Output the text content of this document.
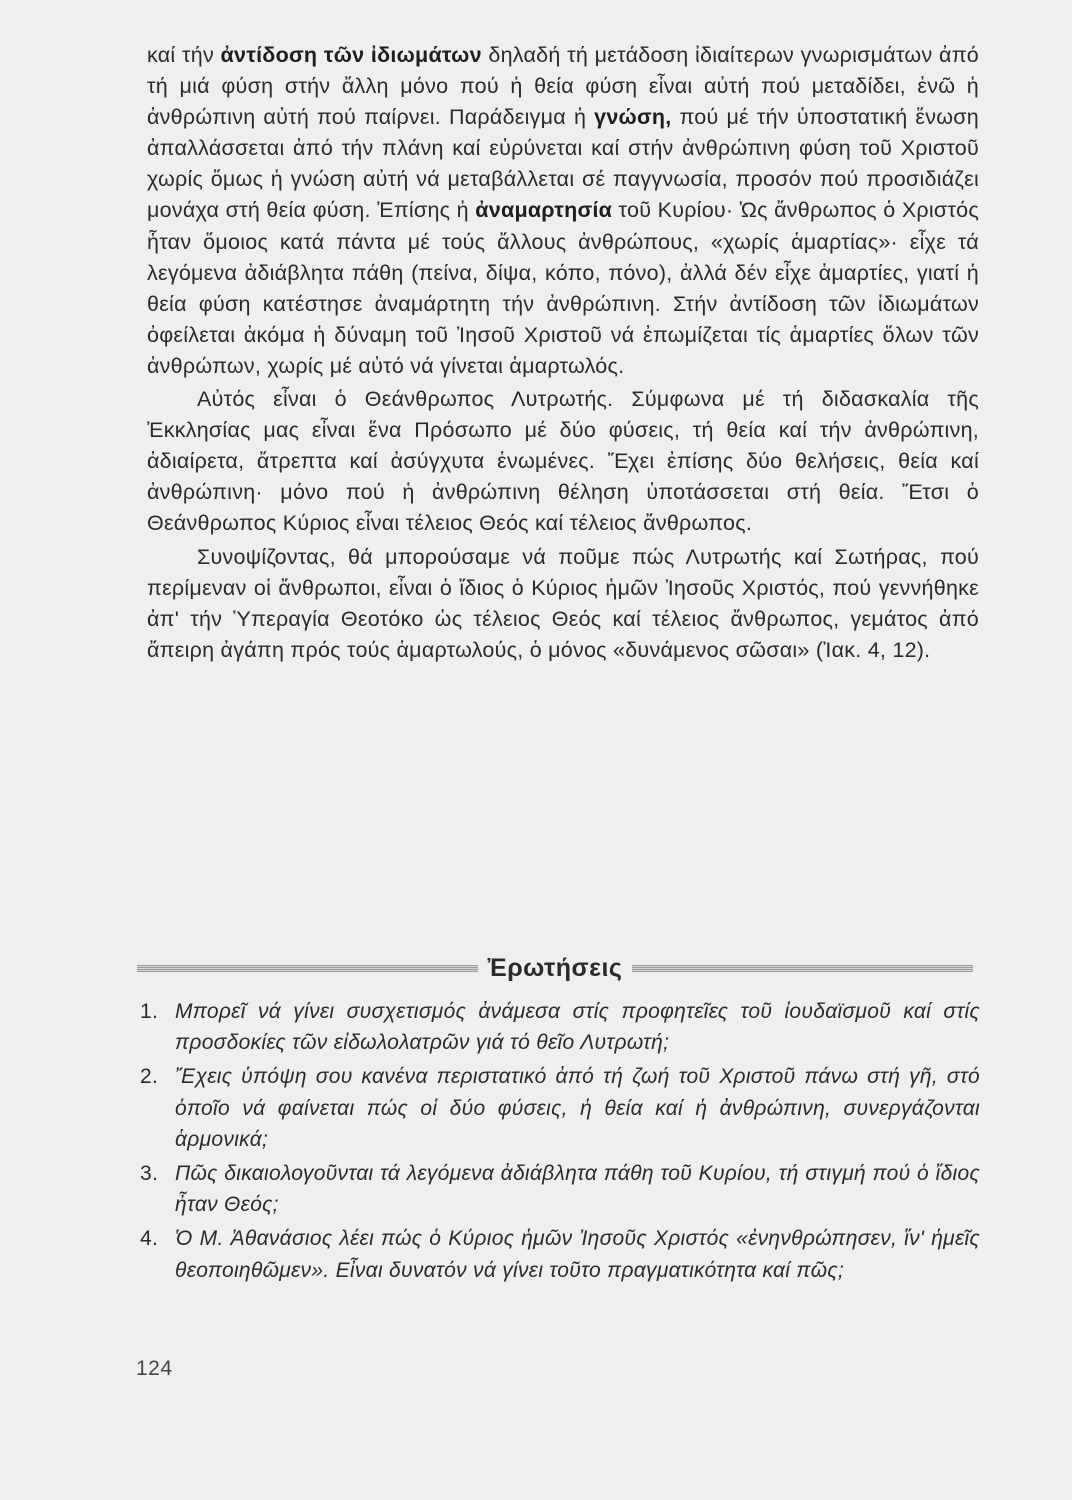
καί τήν ἀντίδοση τῶν ἰδιωμάτων δηλαδή τή μετάδοση ἰδιαίτερων γνωρισμάτων ἀπό τή μιά φύση στήν ἄλλη μόνο πού ἡ θεία φύση εἶναι αὐτή πού μεταδίδει, ἐνῶ ἡ ἀνθρώπινη αὐτή πού παίρνει. Παράδειγμα ἡ γνώση, πού μέ τήν ὑποστατική ἕνωση ἀπαλλάσσεται ἀπό τήν πλάνη καί εὐρύνεται καί στήν ἀνθρώπινη φύση τοῦ Χριστοῦ χωρίς ὅμως ἡ γνώση αὐτή νά μεταβάλλεται σέ παγγνωσία, προσόν πού προσιδιάζει μονάχα στή θεία φύση. Ἐπίσης ἡ ἀναμαρτησία τοῦ Κυρίου· Ὡς ἄνθρωπος ὁ Χριστός ἦταν ὅμοιος κατά πάντα μέ τούς ἄλλους ἀνθρώπους, «χωρίς ἁμαρτίας»· εἶχε τά λεγόμενα ἀδιάβλητα πάθη (πείνα, δίψα, κόπο, πόνο), ἀλλά δέν εἶχε ἁμαρτίες, γιατί ἡ θεία φύση κατέστησε ἀναμάρτητη τήν ἀνθρώπινη. Στήν ἀντίδοση τῶν ἰδιωμάτων ὀφείλεται ἀκόμα ἡ δύναμη τοῦ Ἰησοῦ Χριστοῦ νά ἐπωμίζεται τίς ἁμαρτίες ὅλων τῶν ἀνθρώπων, χωρίς μέ αὐτό νά γίνεται ἁμαρτωλός.

Αὐτός εἶναι ὁ Θεάνθρωπος Λυτρωτής. Σύμφωνα μέ τή διδασκαλία τῆς Ἐκκλησίας μας εἶναι ἕνα Πρόσωπο μέ δύο φύσεις, τή θεία καί τήν ἀνθρώπινη, ἀδιαίρετα, ἄτρεπτα καί ἀσύγχυτα ἑνωμένες. Ἔχει ἐπίσης δύο θελήσεις, θεία καί ἀνθρώπινη· μόνο πού ἡ ἀνθρώπινη θέληση ὑποτάσσεται στή θεία. Ἔτσι ὁ Θεάνθρωπος Κύριος εἶναι τέλειος Θεός καί τέλειος ἄνθρωπος.

Συνοψίζοντας, θά μπορούσαμε νά ποῦμε πώς Λυτρωτής καί Σωτήρας, πού περίμεναν οἱ ἄνθρωποι, εἶναι ὁ ἴδιος ὁ Κύριος ἡμῶν Ἰησοῦς Χριστός, πού γεννήθηκε ἀπ' τήν Ὑπεραγία Θεοτόκο ὡς τέλειος Θεός καί τέλειος ἄνθρωπος, γεμάτος ἀπό ἄπειρη ἀγάπη πρός τούς ἁμαρτωλούς, ὁ μόνος «δυνάμενος σῶσαι» (Ἰακ. 4, 12).

Ἐρωτήσεις
1. Μπορεῖ νά γίνει συσχετισμός ἀνάμεσα στίς προφητεῖες τοῦ ἰουδαϊσμοῦ καί στίς προσδοκίες τῶν εἰδωλολατρῶν γιά τό θεῖο Λυτρωτή;
2. Ἔχεις ὑπόψη σου κανένα περιστατικό ἀπό τή ζωή τοῦ Χριστοῦ πάνω στή γῆ, στό ὁποῖο νά φαίνεται πώς οἱ δύο φύσεις, ἡ θεία καί ἡ ἀνθρώπινη, συνεργάζονται ἁρμονικά;
3. Πῶς δικαιολογοῦνται τά λεγόμενα ἀδιάβλητα πάθη τοῦ Κυρίου, τή στιγμή πού ὁ ἴδιος ἦταν Θεός;
4. Ὁ Μ. Ἀθανάσιος λέει πώς ὁ Κύριος ἡμῶν Ἰησοῦς Χριστός «ἐνηνθρώπησεν, ἵν' ἡμεῖς θεοποιηθῶμεν». Εἶναι δυνατόν νά γίνει τοῦτο πραγματικότητα καί πῶς;
124
